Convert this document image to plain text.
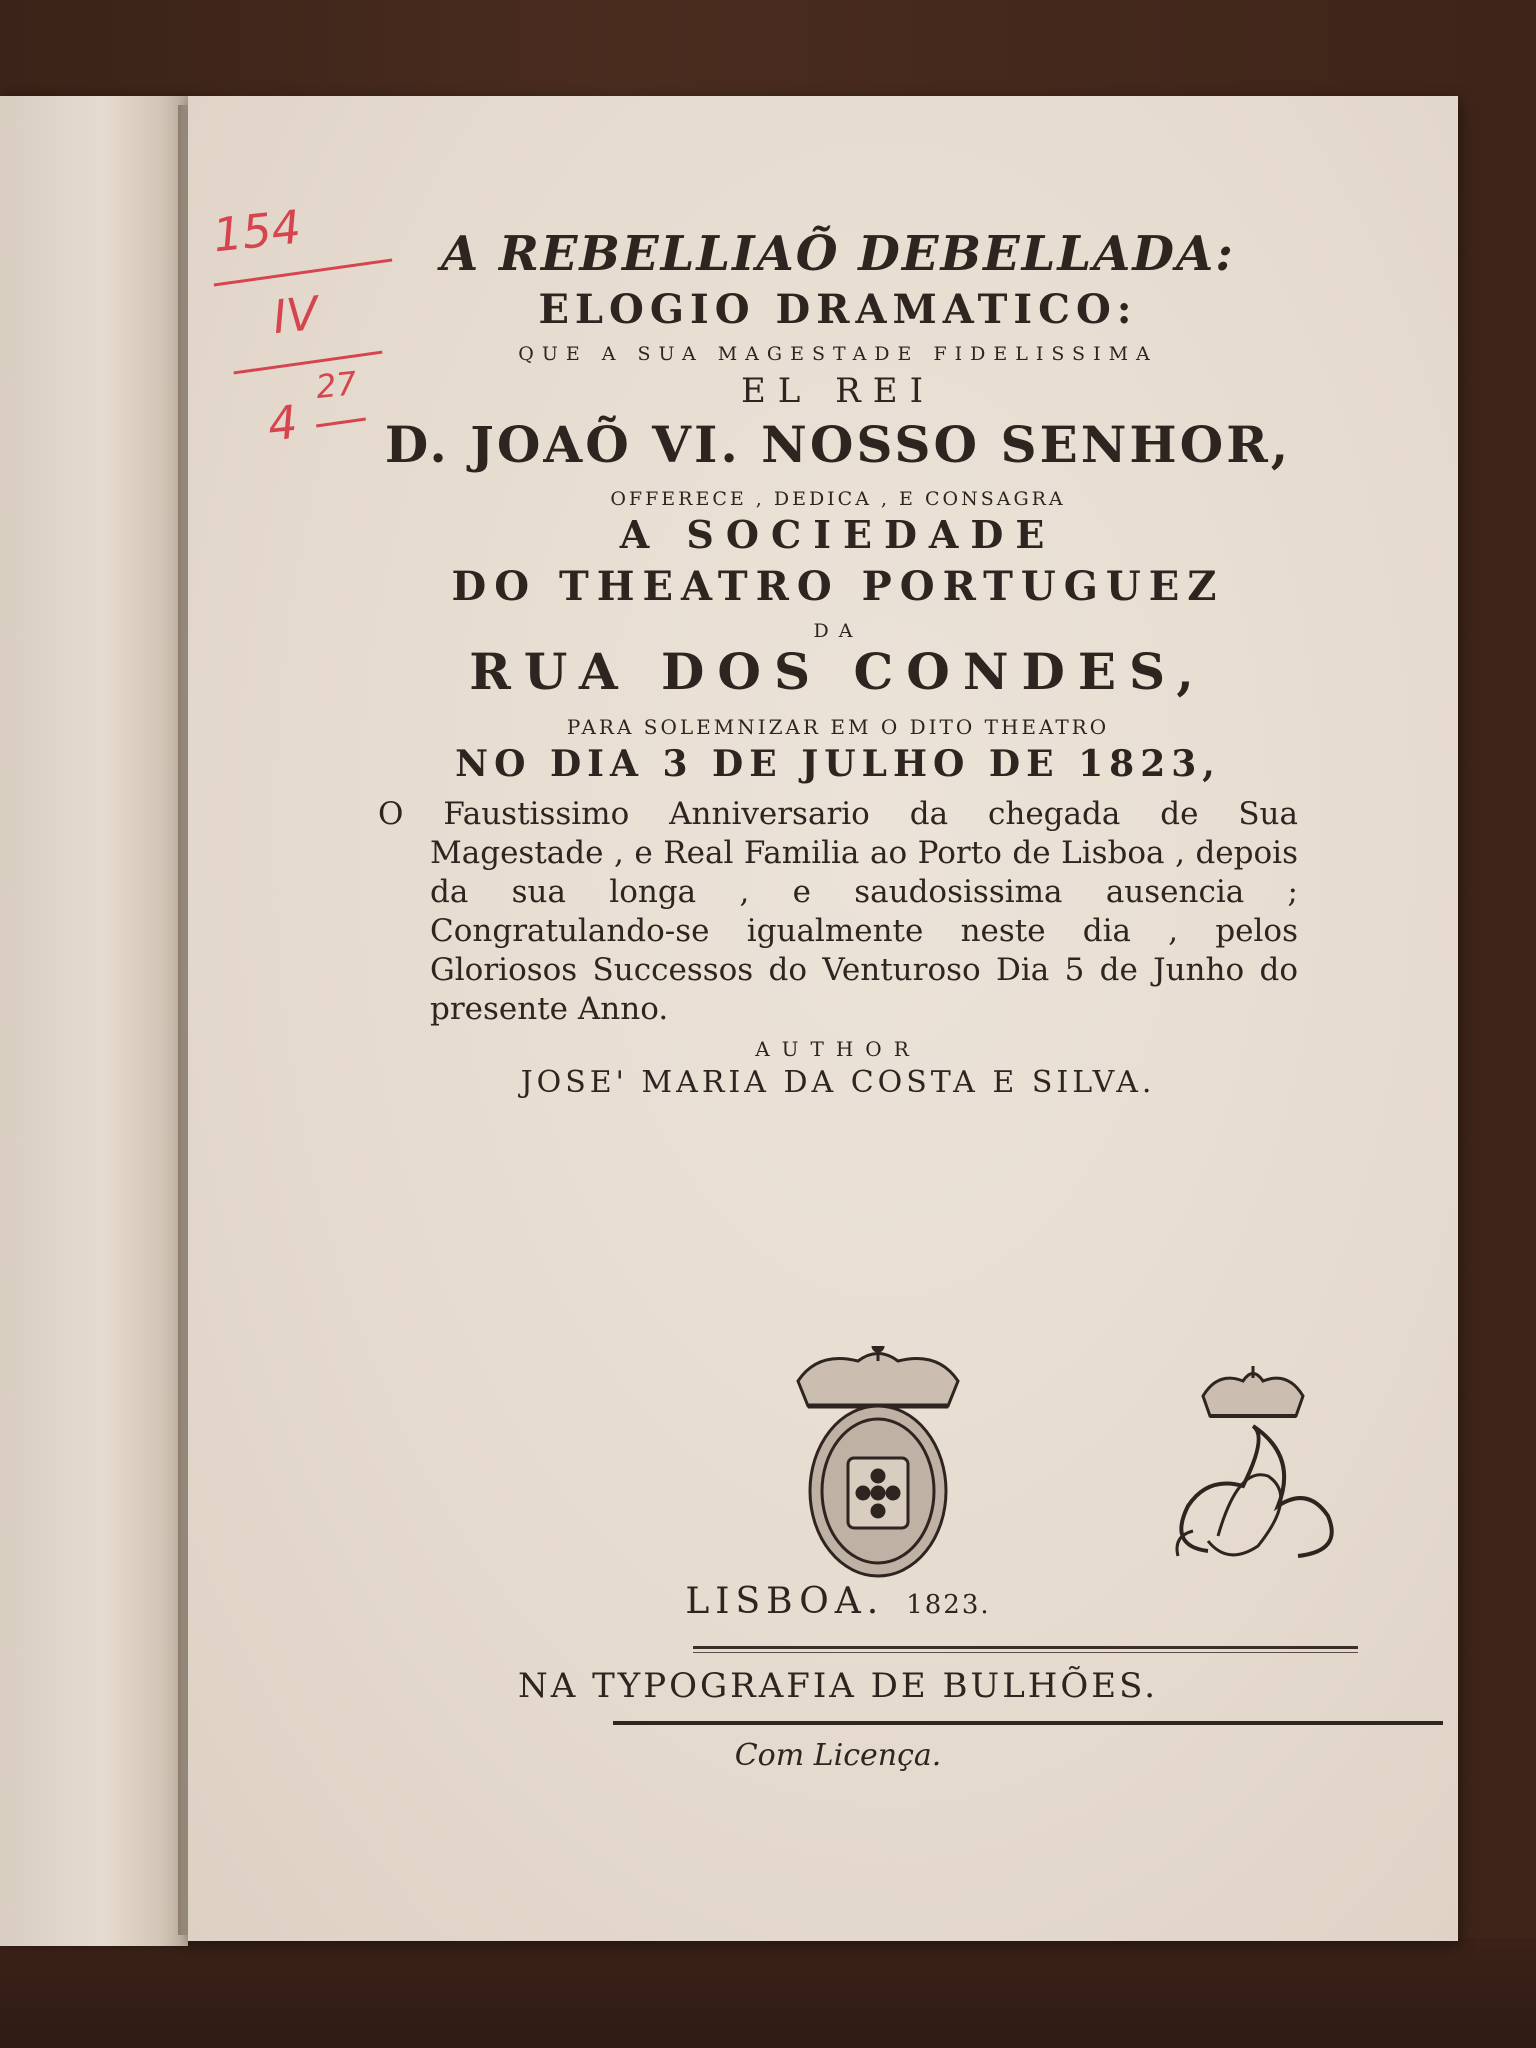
154
IV
4
27
A REBELLIAÕ DEBELLADA:
ELOGIO DRAMATICO:
QUE A SUA MAGESTADE FIDELISSIMA
EL REI
D. JOAÕ VI. NOSSO SENHOR,
OFFERECE , DEDICA , E CONSAGRA
A SOCIEDADE
DO THEATRO PORTUGUEZ
DA
RUA DOS CONDES,
PARA SOLEMNIZAR EM O DITO THEATRO
NO DIA 3 DE JULHO DE 1823,

O Faustissimo Anniversario da chegada de Sua Magestade , e Real Familia ao Porto de Lisboa , depois da sua longa , e saudosissima ausencia ; Congratulando-se igualmente neste dia , pelos Gloriosos Successos do Venturoso Dia 5 de Junho do presente Anno.

AUTHOR
JOSE' MARIA DA COSTA E SILVA.
LISBOA. 1823.
NA TYPOGRAFIA DE BULHÕES.
Com Licença.
